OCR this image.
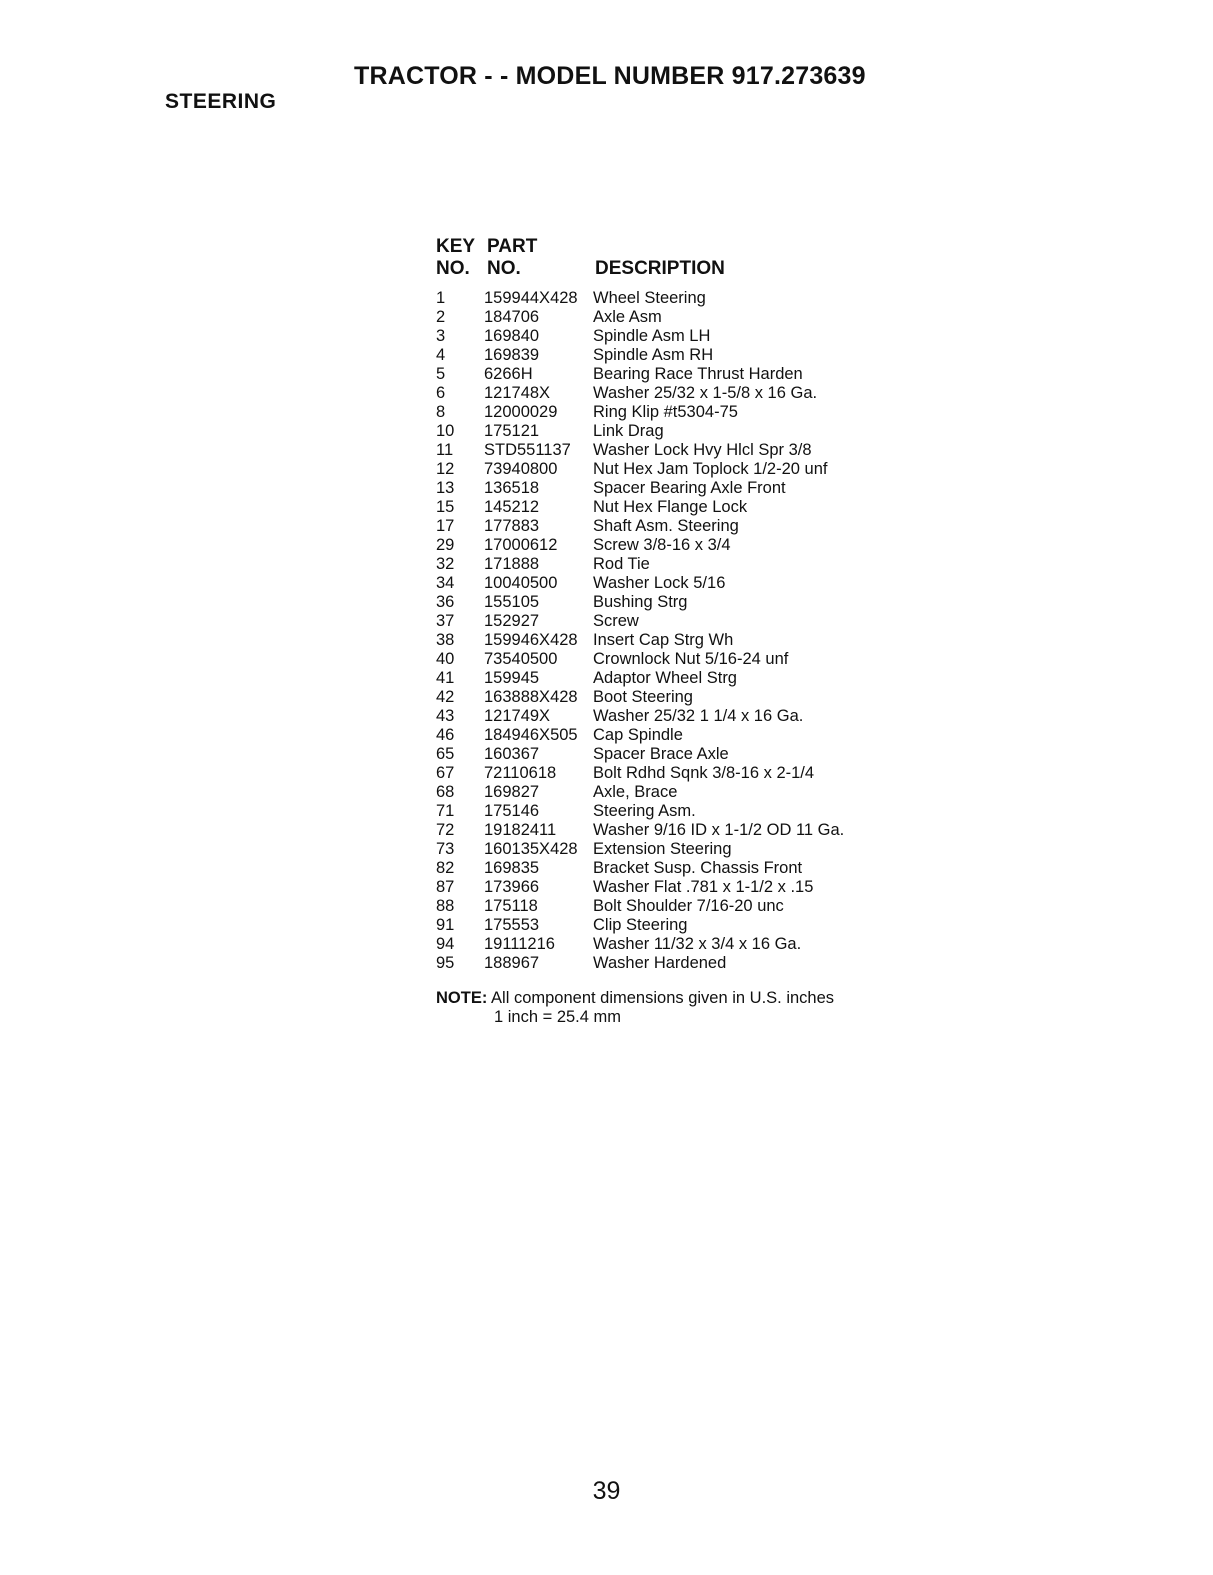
TRACTOR - - MODEL NUMBER 917.273639
STEERING
KEY
NO.
PART
NO.	DESCRIPTION
1 159944X428 Wheel Steering
2 184706	Axle Asm
3 169840	Spindle Asm LH
4 169839	Spindle Asm RH
5 6266H	Bearing Race Thrust Harden
6 121748X	Washer 25/32 x 1-5/8 x 16 Ga.
8 12000029 Ring Klip #t5304-75
10 175121	Link Drag
11 STD551137 Washer Lock Hvy Hlcl Spr 3/8
12 73940800 Nut Hex Jam Toplock 1/2-20 unf
13 136518	Spacer Bearing Axle Front
15 145212	Nut Hex Flange Lock
17 177883	Shaft Asm. Steering
29 17000612 Screw 3/8-16 x 3/4
32 171888	Rod Tie
34 10040500 Washer Lock 5/16
36 155105	Bushing Strg
37 152927	Screw
38 159946X428 Insert Cap Strg Wh
40 73540500 Crownlock Nut 5/16-24 unf
41 159945	Adaptor Wheel Strg
42 163888X428 Boot Steering
43 121749X	Washer 25/32 1 1/4 x 16 Ga.
46 184946X505 Cap Spindle
65 160367	Spacer Brace Axle
67 72110618 Bolt Rdhd Sqnk 3/8-16 x 2-1/4
68 169827	Axle, Brace
71 175146	Steering Asm.
72 19182411 Washer 9/16 ID x 1-1/2 OD 11 Ga.
73 160135X428 Extension Steering
82 169835	Bracket Susp. Chassis Front
87 173966	Washer Flat .781 x 1-1/2 x .15
88 175118	Bolt Shoulder 7/16-20 unc
91 175553	Clip Steering
94 19111216 Washer 11/32 x 3/4 x 16 Ga.
95 188967	Washer Hardened
NOTE: All component dimensions given in U.S. inches
1 inch = 25.4 mm
39
